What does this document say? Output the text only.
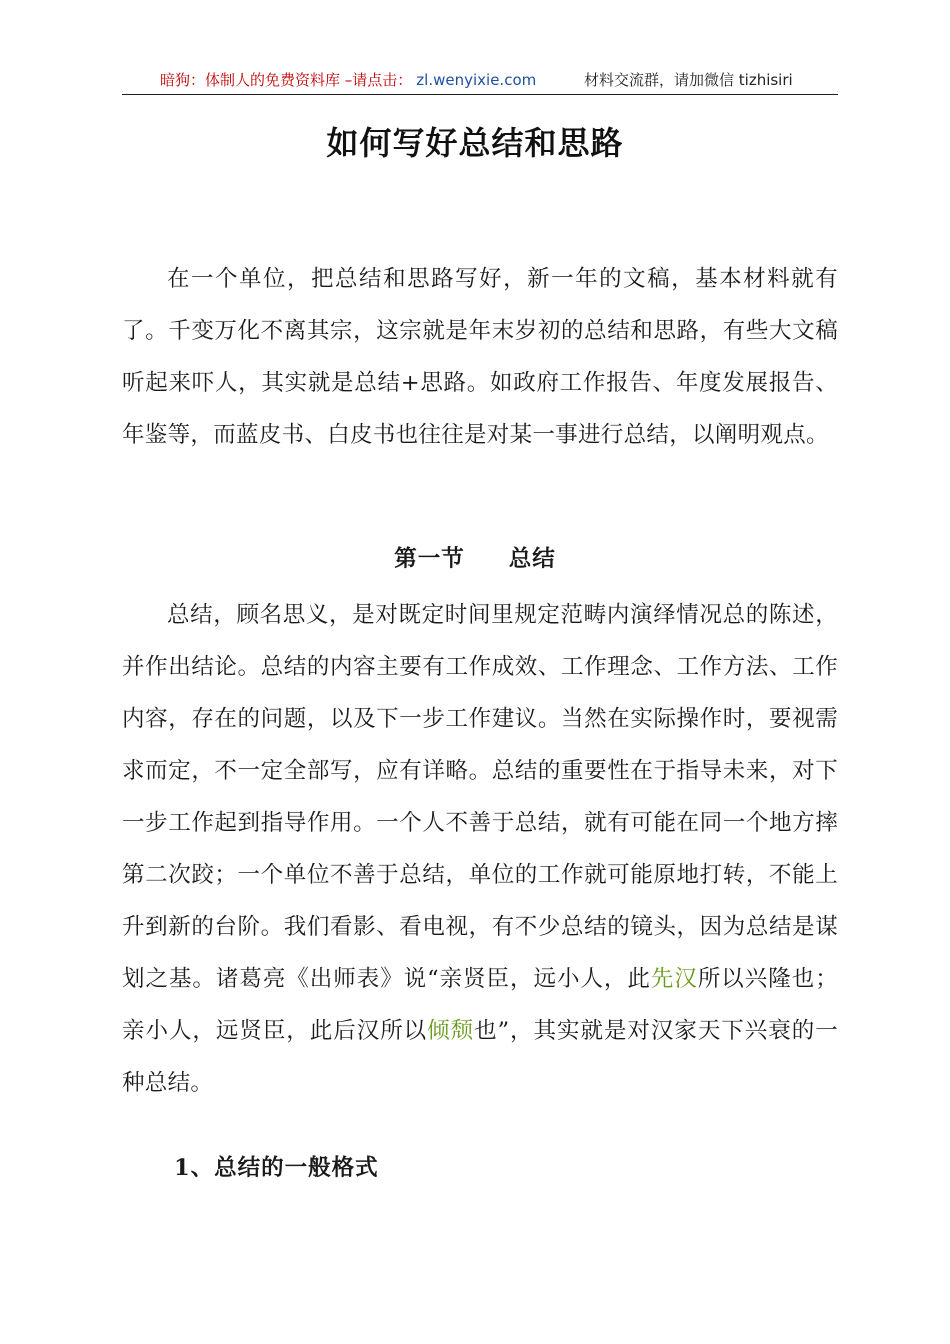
暗狗：体制人的免费资料库 –请点击： zl.wenyixie.com	材料交流群，请加微信 tizhisiri
如何写好总结和思路

在一个单位，把总结和思路写好，新一年的文稿，基本材料就有了。千变万化不离其宗，这宗就是年末岁初的总结和思路，有些大文稿听起来吓人，其实就是总结+思路。如政府工作报告、年度发展报告、年鉴等，而蓝皮书、白皮书也往往是对某一事进行总结，以阐明观点。

第一节 总结

总结，顾名思义，是对既定时间里规定范畴内演绎情况总的陈述，并作出结论。总结的内容主要有工作成效、工作理念、工作方法、工作内容，存在的问题，以及下一步工作建议。当然在实际操作时，要视需求而定，不一定全部写，应有详略。总结的重要性在于指导未来，对下一步工作起到指导作用。一个人不善于总结，就有可能在同一个地方摔第二次跤；一个单位不善于总结，单位的工作就可能原地打转，不能上升到新的台阶。我们看影、看电视，有不少总结的镜头，因为总结是谋划之基。诸葛亮《出师表》说“亲贤臣，远小人，此先汉所以兴隆也；亲小人，远贤臣，此后汉所以倾颓也”，其实就是对汉家天下兴衰的一种总结。

1、总结的一般格式
